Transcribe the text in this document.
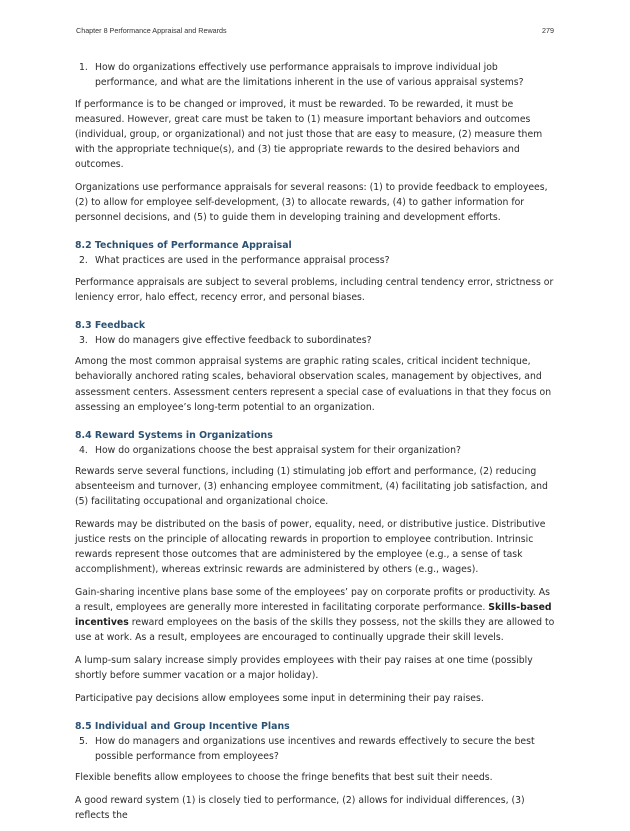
Chapter 8 Performance Appraisal and Rewards	279
1. How do organizations effectively use performance appraisals to improve individual job performance, and what are the limitations inherent in the use of various appraisal systems?

If performance is to be changed or improved, it must be rewarded. To be rewarded, it must be measured. However, great care must be taken to (1) measure important behaviors and outcomes (individual, group, or organizational) and not just those that are easy to measure, (2) measure them with the appropriate technique(s), and (3) tie appropriate rewards to the desired behaviors and outcomes.

Organizations use performance appraisals for several reasons: (1) to provide feedback to employees, (2) to allow for employee self-development, (3) to allocate rewards, (4) to gather information for personnel decisions, and (5) to guide them in developing training and development efforts.

8.2 Techniques of Performance Appraisal
2. What practices are used in the performance appraisal process?

Performance appraisals are subject to several problems, including central tendency error, strictness or leniency error, halo effect, recency error, and personal biases.

8.3 Feedback
3. How do managers give effective feedback to subordinates?

Among the most common appraisal systems are graphic rating scales, critical incident technique, behaviorally anchored rating scales, behavioral observation scales, management by objectives, and assessment centers. Assessment centers represent a special case of evaluations in that they focus on assessing an employee’s long-term potential to an organization.

8.4 Reward Systems in Organizations
4. How do organizations choose the best appraisal system for their organization?

Rewards serve several functions, including (1) stimulating job effort and performance, (2) reducing absenteeism and turnover, (3) enhancing employee commitment, (4) facilitating job satisfaction, and (5) facilitating occupational and organizational choice.

Rewards may be distributed on the basis of power, equality, need, or distributive justice. Distributive justice rests on the principle of allocating rewards in proportion to employee contribution. Intrinsic rewards represent those outcomes that are administered by the employee (e.g., a sense of task accomplishment), whereas extrinsic rewards are administered by others (e.g., wages).

Gain-sharing incentive plans base some of the employees’ pay on corporate profits or productivity. As a result, employees are generally more interested in facilitating corporate performance. Skills-based incentives reward employees on the basis of the skills they possess, not the skills they are allowed to use at work. As a result, employees are encouraged to continually upgrade their skill levels.

A lump-sum salary increase simply provides employees with their pay raises at one time (possibly shortly before summer vacation or a major holiday).

Participative pay decisions allow employees some input in determining their pay raises.

8.5 Individual and Group Incentive Plans
5. How do managers and organizations use incentives and rewards effectively to secure the best possible performance from employees?

Flexible benefits allow employees to choose the fringe benefits that best suit their needs.

A good reward system (1) is closely tied to performance, (2) allows for individual differences, (3) reflects the
